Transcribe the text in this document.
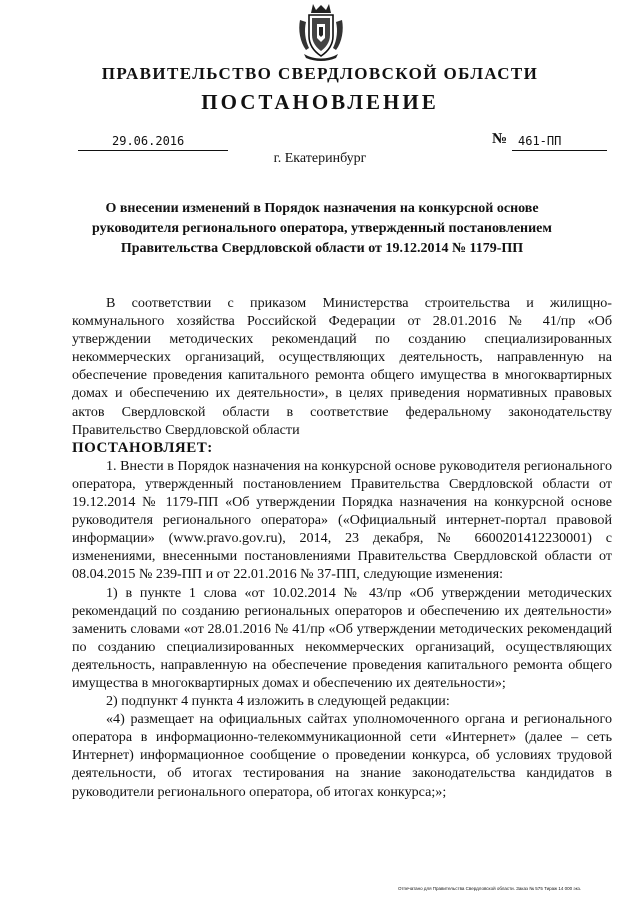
ПРАВИТЕЛЬСТВО СВЕРДЛОВСКОЙ ОБЛАСТИ
ПОСТАНОВЛЕНИЕ
29.06.2016	№ 461-ПП
г. Екатеринбург
О внесении изменений в Порядок назначения на конкурсной основе руководителя регионального оператора, утвержденный постановлением Правительства Свердловской области от 19.12.2014 № 1179-ПП

В соответствии с приказом Министерства строительства и жилищно-коммунального хозяйства Российской Федерации от 28.01.2016 № 41/пр «Об утверждении методических рекомендаций по созданию специализированных некоммерческих организаций, осуществляющих деятельность, направленную на обеспечение проведения капитального ремонта общего имущества в многоквартирных домах и обеспечению их деятельности», в целях приведения нормативных правовых актов Свердловской области в соответствие федеральному законодательству Правительство Свердловской области

ПОСТАНОВЛЯЕТ:

1. Внести в Порядок назначения на конкурсной основе руководителя регионального оператора, утвержденный постановлением Правительства Свердловской области от 19.12.2014 № 1179-ПП «Об утверждении Порядка назначения на конкурсной основе руководителя регионального оператора» («Официальный интернет-портал правовой информации» (www.pravo.gov.ru), 2014, 23 декабря, № 6600201412230001) с изменениями, внесенными постановлениями Правительства Свердловской области от 08.04.2015 № 239-ПП и от 22.01.2016 № 37-ПП, следующие изменения:

1) в пункте 1 слова «от 10.02.2014 № 43/пр «Об утверждении методических рекомендаций по созданию региональных операторов и обеспечению их деятельности» заменить словами «от 28.01.2016 № 41/пр «Об утверждении методических рекомендаций по созданию специализированных некоммерческих организаций, осуществляющих деятельность, направленную на обеспечение проведения капитального ремонта общего имущества в многоквартирных домах и обеспечению их деятельности»;

2) подпункт 4 пункта 4 изложить в следующей редакции:

«4) размещает на официальных сайтах уполномоченного органа и регионального оператора в информационно-телекоммуникационной сети «Интернет» (далее – сеть Интернет) информационное сообщение о проведении конкурса, об условиях трудовой деятельности, об итогах тестирования на знание законодательства кандидатов в руководители регионального оператора, об итогах конкурса;»;

Отпечатано для Правительства Свердловской области. Заказ № 575 Тираж 14 000 экз.
